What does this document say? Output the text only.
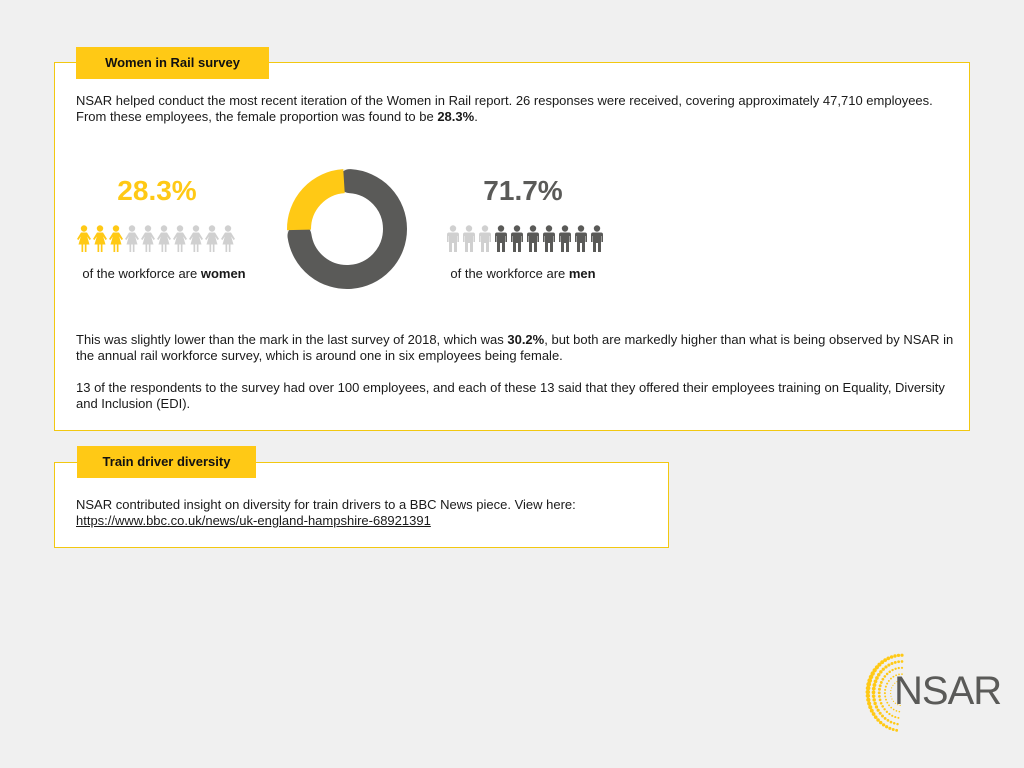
Women in Rail survey

NSAR helped conduct the most recent iteration of the Women in Rail report. 26 responses were received, covering approximately 47,710 employees. From these employees, the female proportion was found to be 28.3%.

28.3%
of the workforce are women
71.7%
of the workforce are men

This was slightly lower than the mark in the last survey of 2018, which was 30.2%, but both are markedly higher than what is being observed by NSAR in the annual rail workforce survey, which is around one in six employees being female.

13 of the respondents to the survey had over 100 employees, and each of these 13 said that they offered their employees training on Equality, Diversity and Inclusion (EDI).

Train driver diversity

NSAR contributed insight on diversity for train drivers to a BBC News piece. View here:
https://www.bbc.co.uk/news/uk-england-hampshire-68921391

NSAR
